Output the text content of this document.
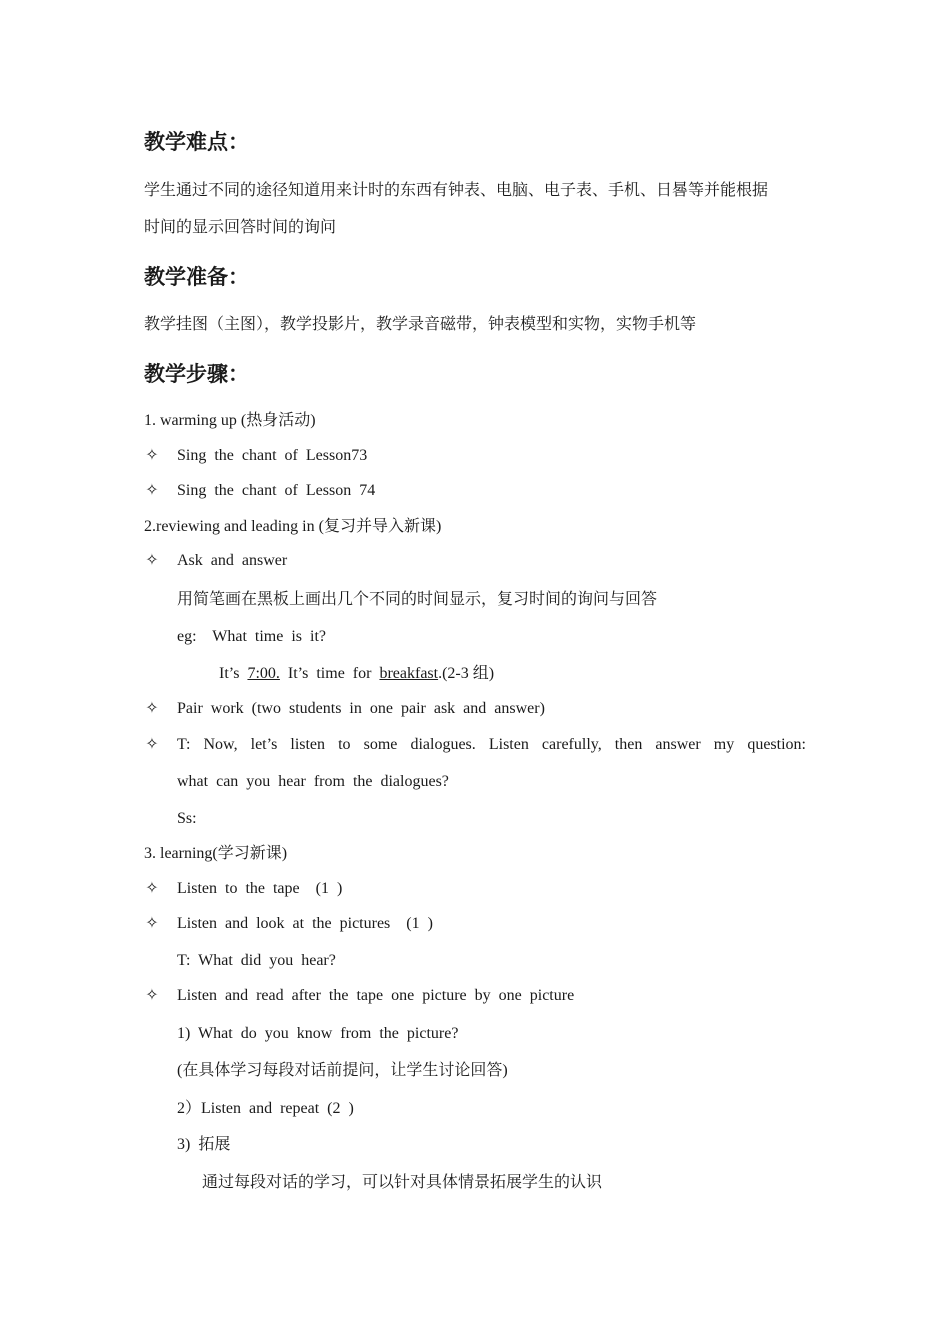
教学难点：
学生通过不同的途径知道用来计时的东西有钟表、电脑、电子表、手机、日晷等并能根据
时间的显示回答时间的询问
教学准备：
教学挂图（主图），教学投影片，教学录音磁带，钟表模型和实物，实物手机等
教学步骤：
1. warming up (热身活动)
✧ Sing  the  chant  of  Lesson73
✧ Sing  the  chant  of  Lesson  74
2.reviewing and leading in (复习并导入新课)
✧ Ask  and  answer
用简笔画在黑板上画出几个不同的时间显示，复习时间的询问与回答
eg:    What  time  is  it?
It’s 7:00. It’s  time  for breakfast.(2-3 组)
✧ Pair  work  (two  students  in  one  pair  ask  and  answer)
✧ T: Now, let’s listen to some dialogues. Listen carefully, then answer my question:
what  can  you  hear  from  the  dialogues?
Ss:
3. learning(学习新课)
✧ Listen  to  the  tape    (1  )
✧ Listen  and  look  at  the  pictures    (1  )
T:  What  did  you  hear?
✧ Listen  and  read  after  the  tape  one  picture  by  one  picture
1)  What  do  you  know  from  the  picture?
(在具体学习每段对话前提问，让学生讨论回答)
2）Listen  and  repeat  (2  )
3)  拓展
通过每段对话的学习，可以针对具体情景拓展学生的认识
